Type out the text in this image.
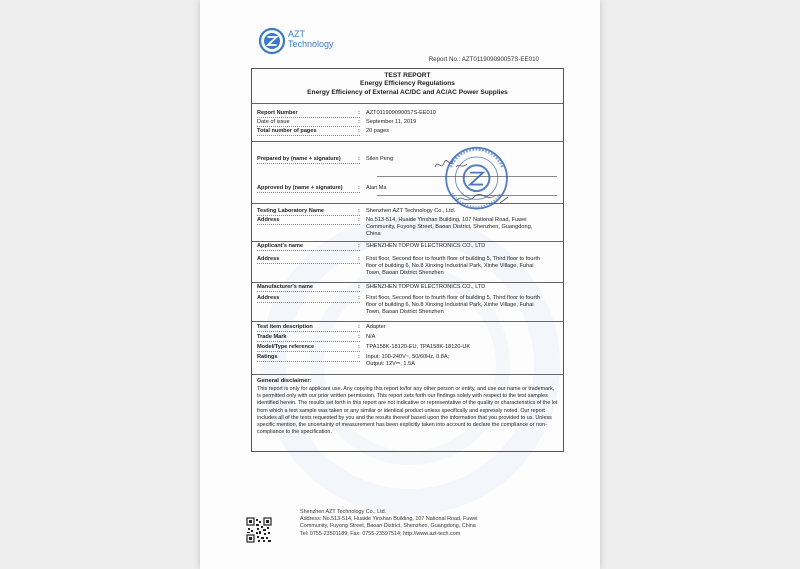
AZT
Technology
Report No.: AZT011909090057S-EE010
TEST REPORT
Energy Efficiency Regulations
Energy Efficiency of External AC/DC and AC/AC Power Supplies
Report Number	: AZT011909090057S-EE010
Date of issue	: September 11, 2019
Total number of pages	: 20 pages
Prepared by (name + signature)	: Silen Peng
Approved by (name + signature)	: Alan Ma
Testing Laboratory Name	: Shenzhen AZT Technology Co., Ltd.
Address	: No.513-514, Huaide Yinshan Building, 107 National Road, Fuwei
Community, Fuyong Street, Baoan District, Shenzhen, Guangdong,
China
Applicant's name	: SHENZHEN TOPOW ELECTRONICS CO., LTD
Address	: First floor, Second floor to fourth floor of building 5, Third floor to fourth
floor of building 6, No.8 Xinxing Industrial Park, Xinhe Village, Fuhai
Town, Baoan District Shenzhen
Manufacturer's name	: SHENZHEN TOPOW ELECTRONICS CO., LTD
Address	: First floor, Second floor to fourth floor of building 5, Third floor to fourth
floor of building 6, No.8 Xinxing Industrial Park, Xinhe Village, Fuhai
Town, Baoan District Shenzhen
Test item description	: Adapter
Trade Mark	: N/A
Model/Type reference	: TPA158K-18120-EU, TPA158K-18120-UK
Ratings	: Input: 100-240V~, 50/60Hz, 0.8A;
Output: 12V⎓, 1.5A
General disclaimer:
This report is only for applicant use. Any copying this report to/for any other person or entity, and use our name or trademark, is permitted only with our prior written permission. This report sets forth our findings solely with respect to the test samples identified herein. The results set forth in this report are not indicative or representative of the quality or characteristics of the lot from which a test sample was taken or any similar or identical product unless specifically and expressly noted. Our report includes all of the tests requested by you and the results thereof based upon the information that you provided to us. Unless specific mention, the uncertainty of measurement has been explicitly taken into account to declare the compliance or non-compliance to the specification.
Shenzhen AZT Technology Co., Ltd.
Address: No.513-514, Huaide Yinshan Building, 107 National Road, Fuwei
Community, Fuyong Street, Baoan District, Shenzhen, Guangdong, China
Tel: 0755-23501189; Fax: 0755-23597514; http://www.azt-tech.com
